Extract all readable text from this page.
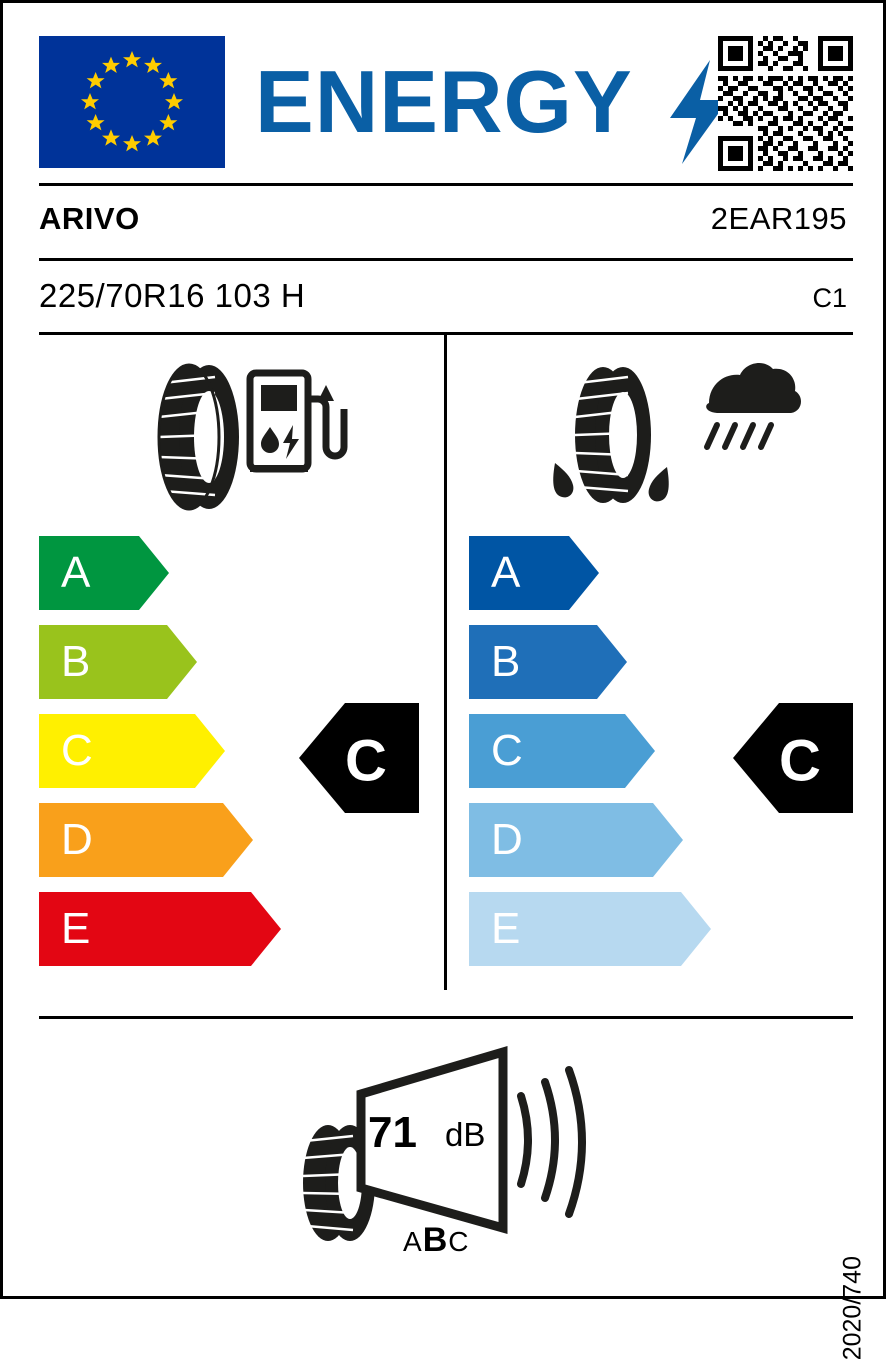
ENERGY
ARIVO	2EAR195
225/70R16 103 H	C1
A
B
C
D
E
C
A
B
C
D
E
C
71 dB
ABC
2020/740
